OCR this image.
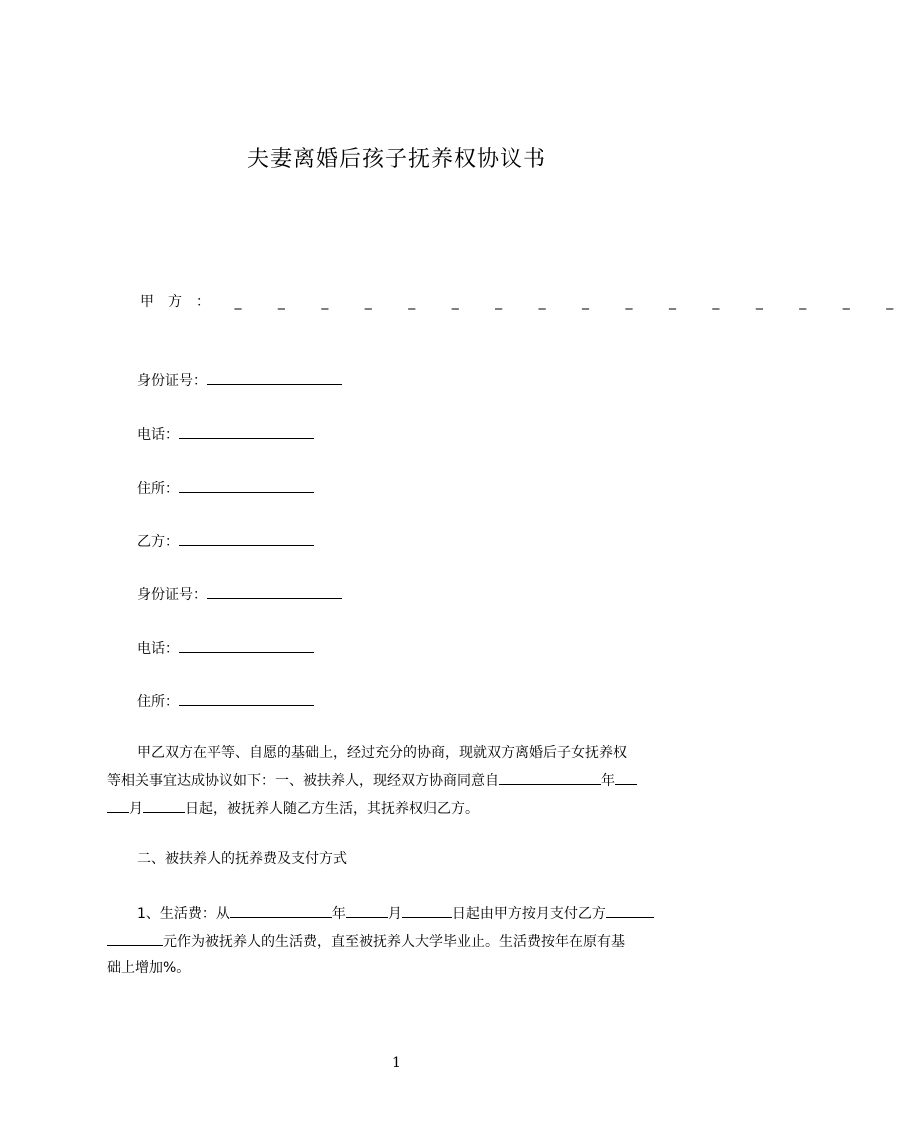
夫妻离婚后孩子抚养权协议书
甲　方　： _ _ _ _ _ _ _ _ _ _ _ _ _ _ _ _
身份证号：
电话：
住所：
乙方：
身份证号：
电话：
住所：
甲乙双方在平等、自愿的基础上，经过充分的协商，现就双方离婚后子女抚养权
等相关事宜达成协议如下：一、被扶养人，现经双方协商同意自	年
月	日起，被抚养人随乙方生活，其抚养权归乙方。
二、被扶养人的抚养费及支付方式
1、生活费：从	年	月	日起由甲方按月支付乙方
元作为被抚养人的生活费，直至被抚养人大学毕业止。生活费按年在原有基
础上增加%。
1
